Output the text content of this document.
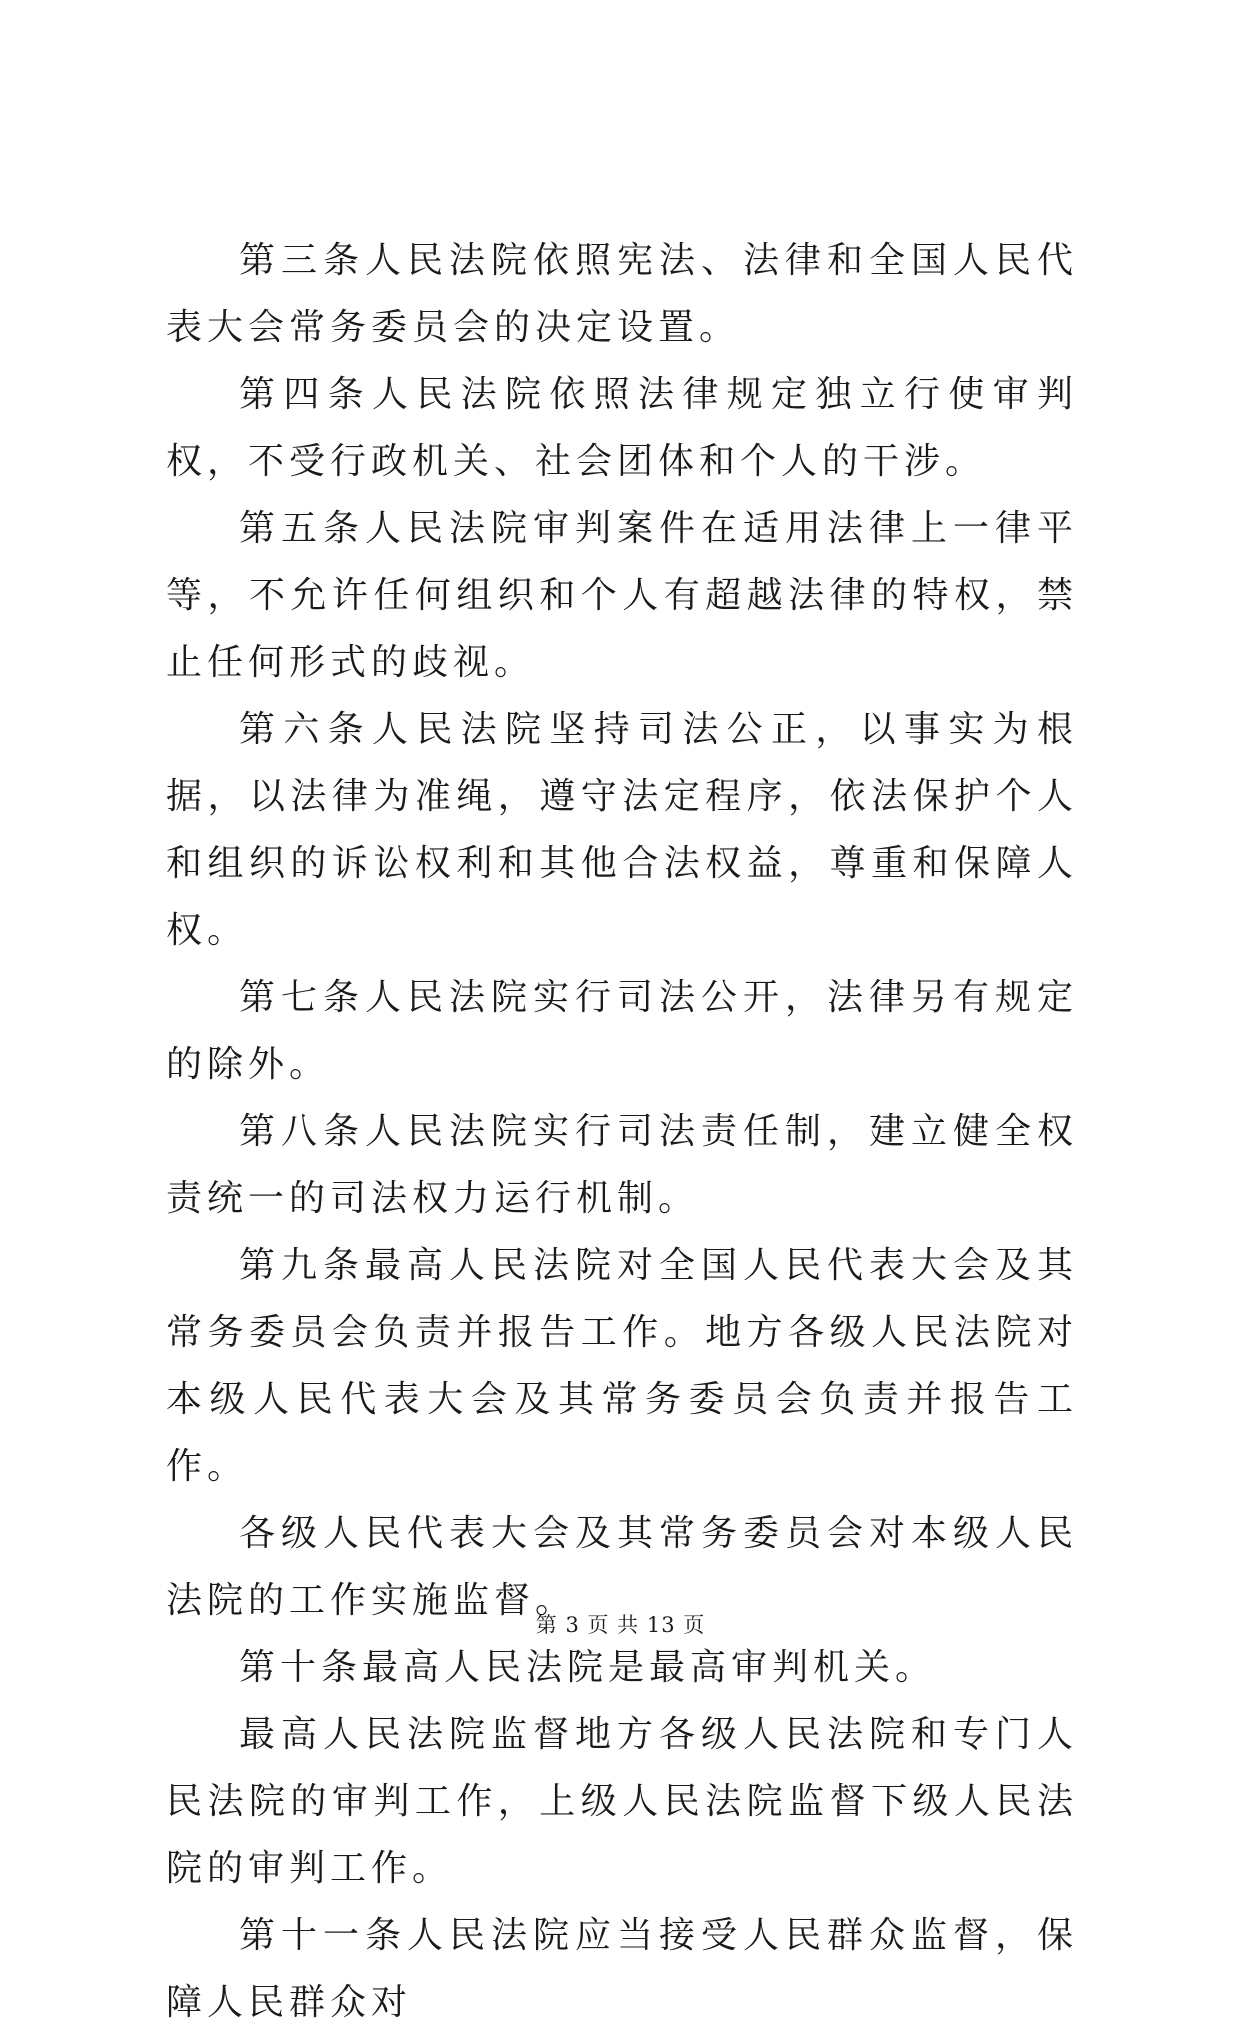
第三条人民法院依照宪法、法律和全国人民代表大会常务委员会的决定设置。

第四条人民法院依照法律规定独立行使审判权，不受行政机关、社会团体和个人的干涉。

第五条人民法院审判案件在适用法律上一律平等，不允许任何组织和个人有超越法律的特权，禁止任何形式的歧视。

第六条人民法院坚持司法公正，以事实为根据，以法律为准绳，遵守法定程序，依法保护个人和组织的诉讼权利和其他合法权益，尊重和保障人权。

第七条人民法院实行司法公开，法律另有规定的除外。

第八条人民法院实行司法责任制，建立健全权责统一的司法权力运行机制。

第九条最高人民法院对全国人民代表大会及其常务委员会负责并报告工作。地方各级人民法院对本级人民代表大会及其常务委员会负责并报告工作。

各级人民代表大会及其常务委员会对本级人民法院的工作实施监督。

第十条最高人民法院是最高审判机关。

最高人民法院监督地方各级人民法院和专门人民法院的审判工作，上级人民法院监督下级人民法院的审判工作。

第十一条人民法院应当接受人民群众监督，保障人民群众对

第 3 页 共 13 页
